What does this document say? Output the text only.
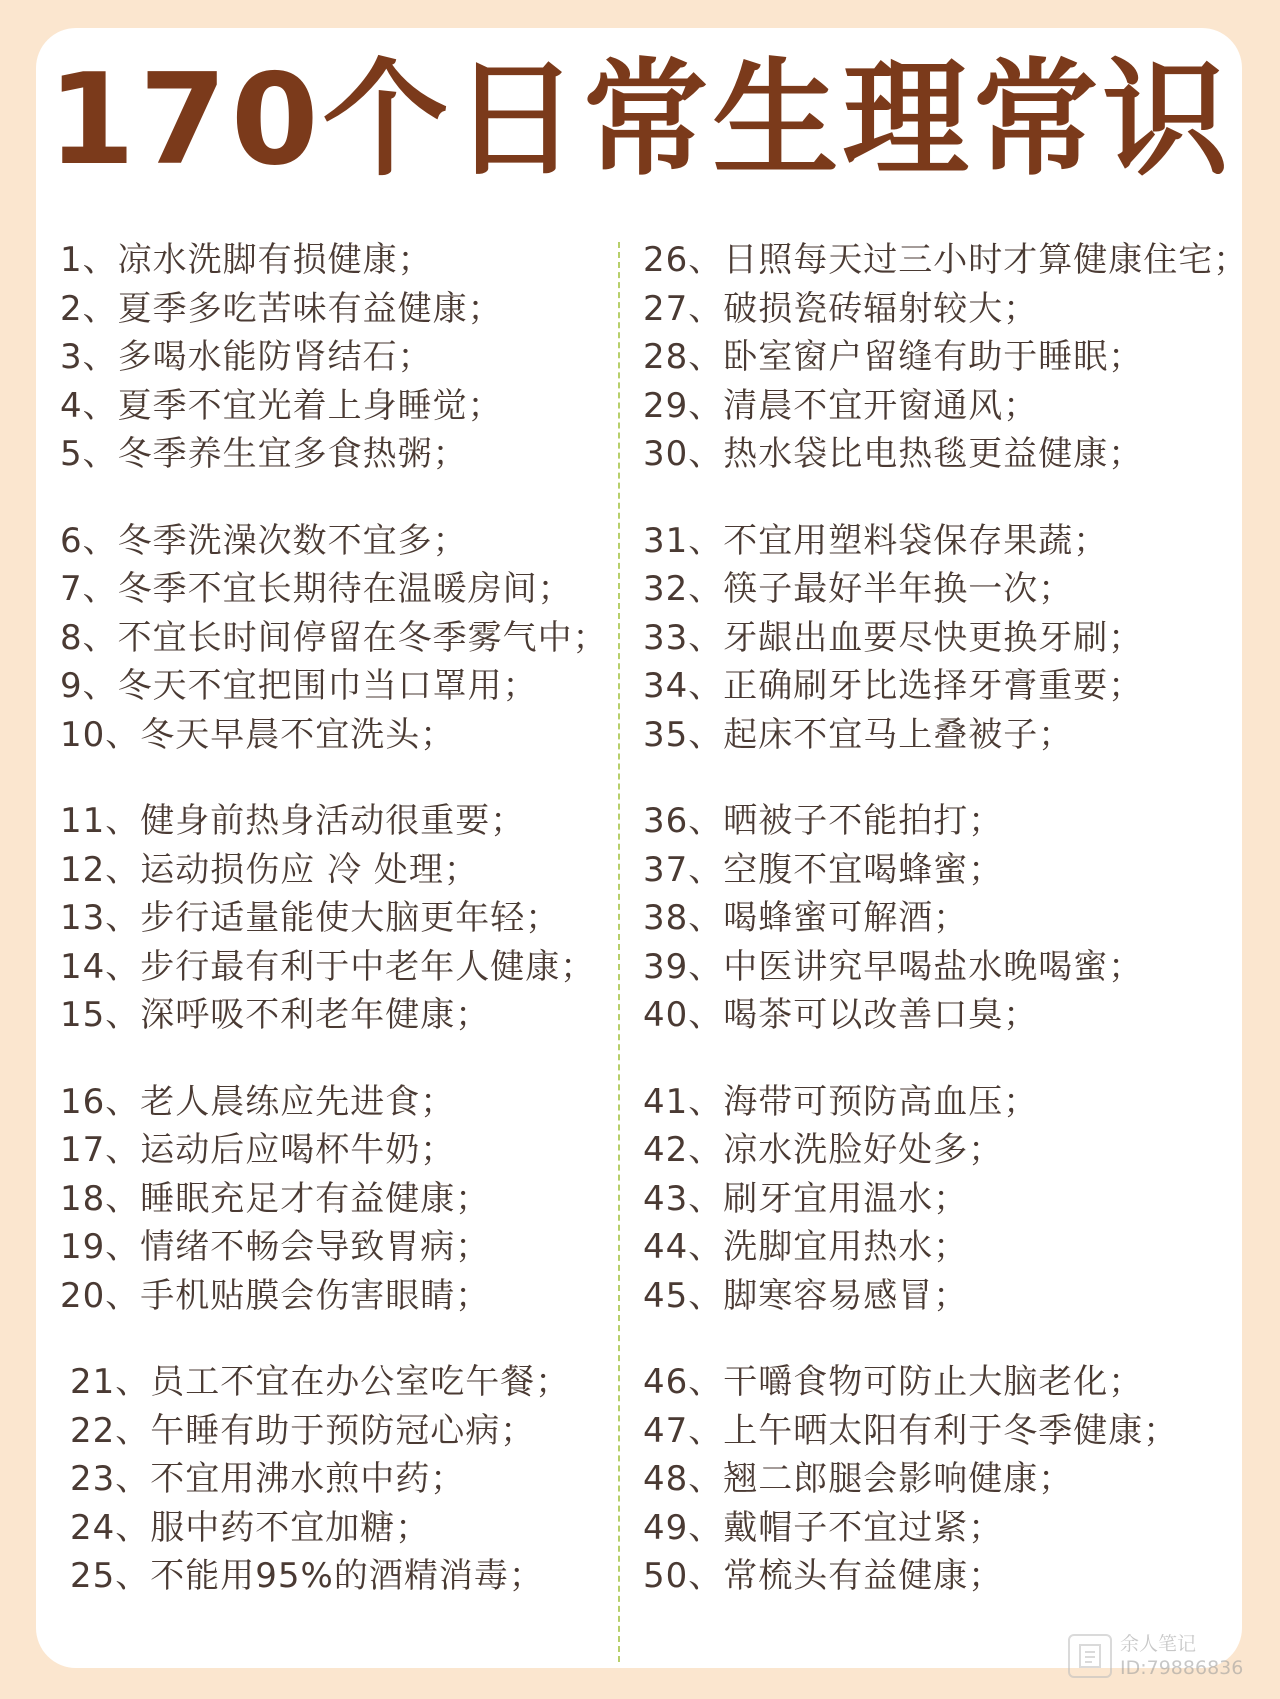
170个日常生理常识
1、凉水洗脚有损健康；
2、夏季多吃苦味有益健康；
3、多喝水能防肾结石；
4、夏季不宜光着上身睡觉；
5、冬季养生宜多食热粥；
6、冬季洗澡次数不宜多；
7、冬季不宜长期待在温暖房间；
8、不宜长时间停留在冬季雾气中；
9、冬天不宜把围巾当口罩用；
10、冬天早晨不宜洗头；
11、健身前热身活动很重要；
12、运动损伤应 冷 处理；
13、步行适量能使大脑更年轻；
14、步行最有利于中老年人健康；
15、深呼吸不利老年健康；
16、老人晨练应先进食；
17、运动后应喝杯牛奶；
18、睡眠充足才有益健康；
19、情绪不畅会导致胃病；
20、手机贴膜会伤害眼睛；
21、员工不宜在办公室吃午餐；
22、午睡有助于预防冠心病；
23、不宜用沸水煎中药；
24、服中药不宜加糖；
25、不能用95%的酒精消毒；
26、日照每天过三小时才算健康住宅；
27、破损瓷砖辐射较大；
28、卧室窗户留缝有助于睡眠；
29、清晨不宜开窗通风；
30、热水袋比电热毯更益健康；
31、不宜用塑料袋保存果蔬；
32、筷子最好半年换一次；
33、牙龈出血要尽快更换牙刷；
34、正确刷牙比选择牙膏重要；
35、起床不宜马上叠被子；
36、晒被子不能拍打；
37、空腹不宜喝蜂蜜；
38、喝蜂蜜可解酒；
39、中医讲究早喝盐水晚喝蜜；
40、喝茶可以改善口臭；
41、海带可预防高血压；
42、凉水洗脸好处多；
43、刷牙宜用温水；
44、洗脚宜用热水；
45、脚寒容易感冒；
46、干嚼食物可防止大脑老化；
47、上午晒太阳有利于冬季健康；
48、翘二郎腿会影响健康；
49、戴帽子不宜过紧；
50、常梳头有益健康；
余人笔记
ID:79886836
